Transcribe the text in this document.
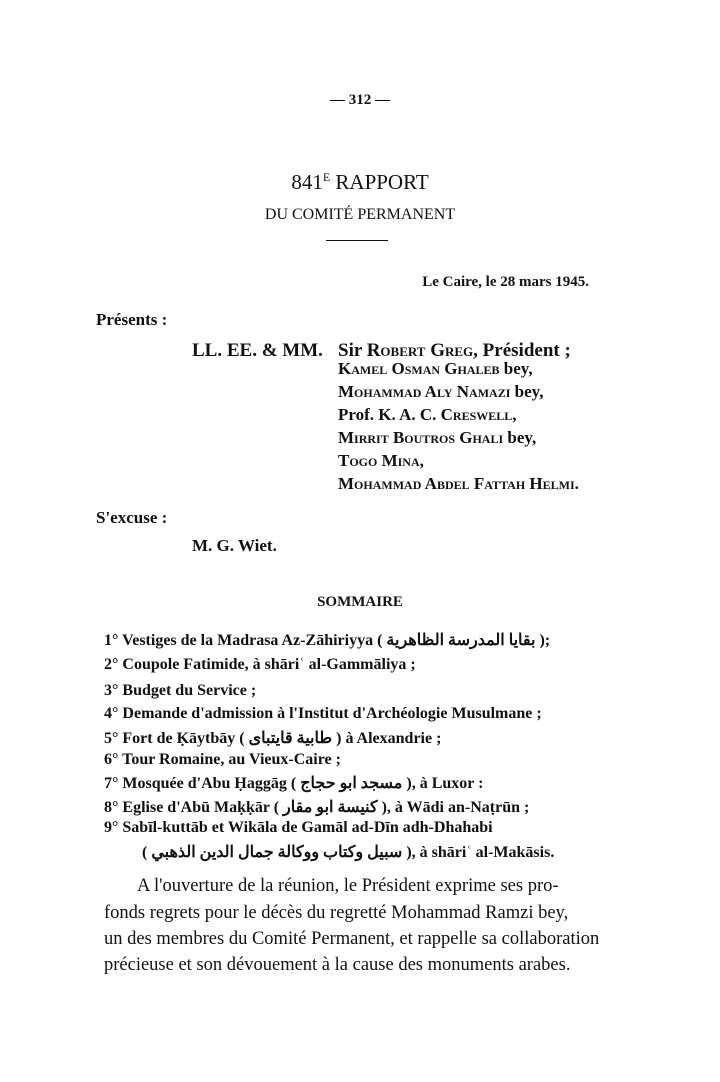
— 312 —
$841^E$ RAPPORT
DU COMITÉ PERMANENT
Le Caire, le 28 mars 1945.
Présents :
LL. EE. & MM. Sir Robert Greg, Président ;
Kamel Osman Ghaleb bey,
Mohammad Aly Namazi bey,
Prof. K. A. C. Creswell,
Mirrit Boutros Ghali bey,
Togo Mina,
Mohammad Abdel Fattah Helmi.
S'excuse :
M. G. Wiet.
SOMMAIRE
1° Vestiges de la Madrasa Az-Zāhiriyya ( بقايا المدرسة الظاهرية );
2° Coupole Fatimide, à shāriʿ al-Gammāliya ;
3° Budget du Service ;
4° Demande d'admission à l'Institut d'Archéologie Musulmane ;
5° Fort de Ḳāytbāy ( طابية قايتباى ) à Alexandrie ;
6° Tour Romaine, au Vieux-Caire ;
7° Mosquée d'Abu Ḥaggāg ( مسجد ابو حجاج ), à Luxor :
8° Eglise d'Abū Maḳḳār ( كنيسة ابو مقار ), à Wādi an-Naṭrūn ;
9° Sabīl-kuttāb et Wikāla de Gamāl ad-Dīn adh-Dhahabi
( سبيل وكتاب ووكالة جمال الدين الذهبي ), à shāriʿ al-Makāsis.
A l'ouverture de la réunion, le Président exprime ses pro-
fonds regrets pour le décès du regretté Mohammad Ramzi bey,
un des membres du Comité Permanent, et rappelle sa collaboration
précieuse et son dévouement à la cause des monuments arabes.
